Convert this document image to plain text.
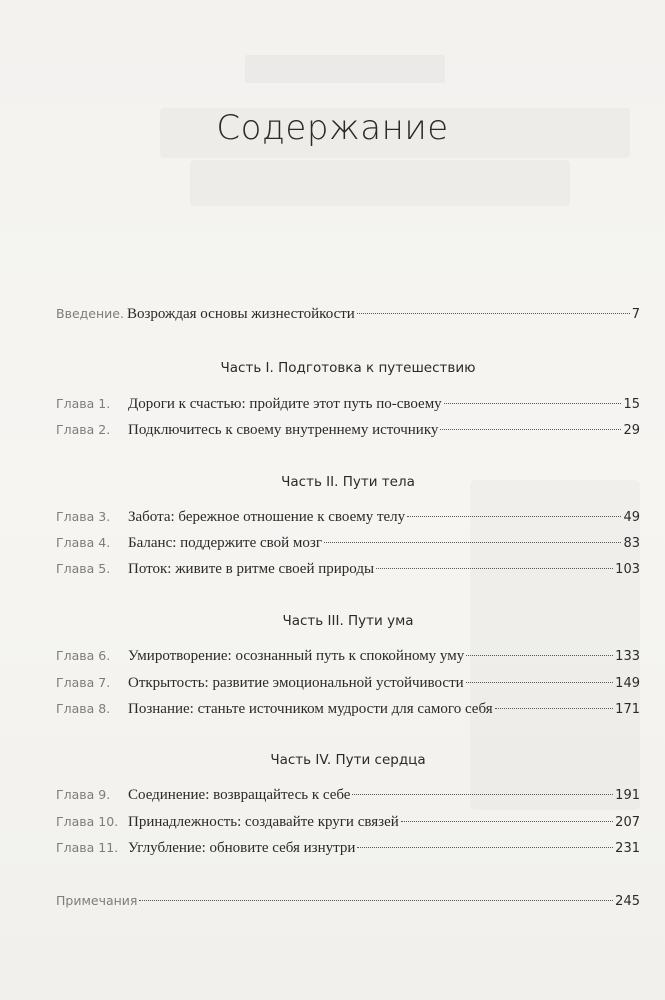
Содержание
Введение. Возрождая основы жизнестойкости	7
Часть I. Подготовка к путешествию
Глава 1.	Дороги к счастью: пройдите этот путь по-своему	15
Глава 2.	Подключитесь к своему внутреннему источнику	29
Часть II. Пути тела
Глава 3.	Забота: бережное отношение к своему телу	49
Глава 4.	Баланс: поддержите свой мозг	83
Глава 5.	Поток: живите в ритме своей природы	103
Часть III. Пути ума
Глава 6.	Умиротворение: осознанный путь к спокойному уму	133
Глава 7.	Открытость: развитие эмоциональной устойчивости	149
Глава 8.	Познание: станьте источником мудрости для самого себя	171
Часть IV. Пути сердца
Глава 9.	Соединение: возвращайтесь к себе	191
Глава 10. Принадлежность: создавайте круги связей	207
Глава 11. Углубление: обновите себя изнутри	231
Примечания	245
